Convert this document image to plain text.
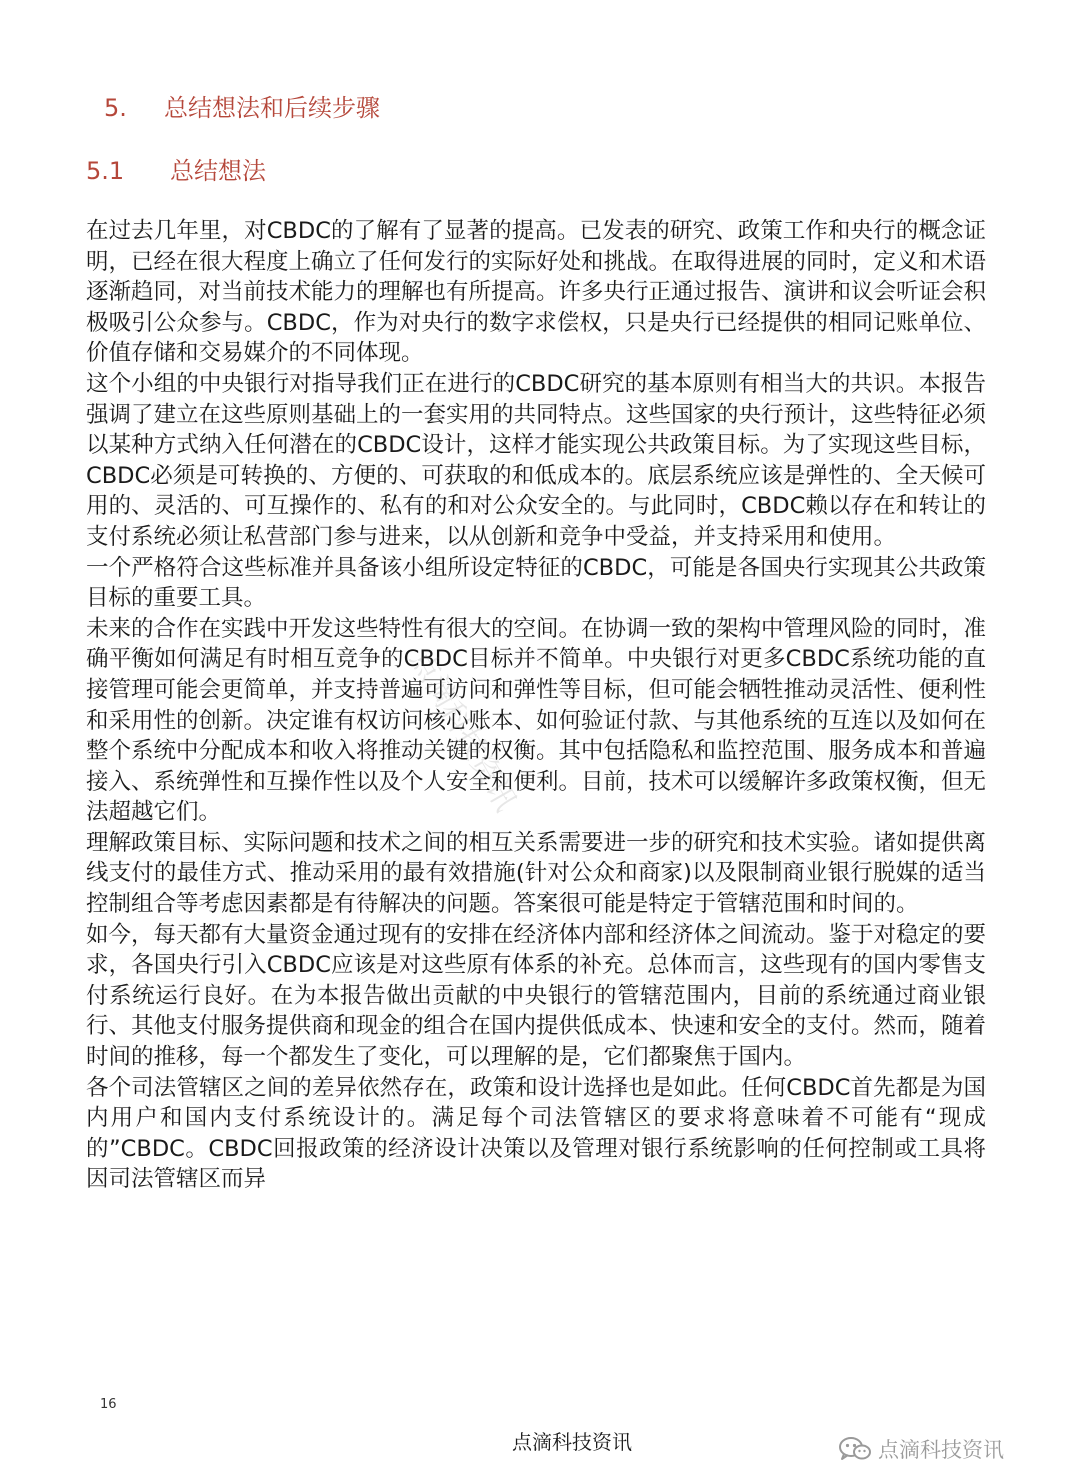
5. 总结想法和后续步骤
5.1 总结想法

在过去几年里，对CBDC的了解有了显著的提高。已发表的研究、政策工作和央行的概念证明，已经在很大程度上确立了任何发行的实际好处和挑战。在取得进展的同时，定义和术语逐渐趋同，对当前技术能力的理解也有所提高。许多央行正通过报告、演讲和议会听证会积极吸引公众参与。CBDC，作为对央行的数字求偿权，只是央行已经提供的相同记账单位、价值存储和交易媒介的不同体现。

这个小组的中央银行对指导我们正在进行的CBDC研究的基本原则有相当大的共识。本报告强调了建立在这些原则基础上的一套实用的共同特点。这些国家的央行预计，这些特征必须以某种方式纳入任何潜在的CBDC设计，这样才能实现公共政策目标。为了实现这些目标，CBDC必须是可转换的、方便的、可获取的和低成本的。底层系统应该是弹性的、全天候可用的、灵活的、可互操作的、私有的和对公众安全的。与此同时，CBDC赖以存在和转让的支付系统必须让私营部门参与进来，以从创新和竞争中受益，并支持采用和使用。

一个严格符合这些标准并具备该小组所设定特征的CBDC，可能是各国央行实现其公共政策目标的重要工具。

未来的合作在实践中开发这些特性有很大的空间。在协调一致的架构中管理风险的同时，准确平衡如何满足有时相互竞争的CBDC目标并不简单。中央银行对更多CBDC系统功能的直接管理可能会更简单，并支持普遍可访问和弹性等目标，但可能会牺牲推动灵活性、便利性和采用性的创新。决定谁有权访问核心账本、如何验证付款、与其他系统的互连以及如何在整个系统中分配成本和收入将推动关键的权衡。其中包括隐私和监控范围、服务成本和普遍接入、系统弹性和互操作性以及个人安全和便利。目前，技术可以缓解许多政策权衡，但无法超越它们。

理解政策目标、实际问题和技术之间的相互关系需要进一步的研究和技术实验。诸如提供离线支付的最佳方式、推动采用的最有效措施(针对公众和商家)以及限制商业银行脱媒的适当控制组合等考虑因素都是有待解决的问题。答案很可能是特定于管辖范围和时间的。

如今，每天都有大量资金通过现有的安排在经济体内部和经济体之间流动。鉴于对稳定的要求，各国央行引入CBDC应该是对这些原有体系的补充。总体而言，这些现有的国内零售支付系统运行良好。在为本报告做出贡献的中央银行的管辖范围内，目前的系统通过商业银行、其他支付服务提供商和现金的组合在国内提供低成本、快速和安全的支付。然而，随着时间的推移，每一个都发生了变化，可以理解的是，它们都聚焦于国内。

各个司法管辖区之间的差异依然存在，政策和设计选择也是如此。任何CBDC首先都是为国内用户和国内支付系统设计的。满足每个司法管辖区的要求将意味着不可能有“现成的”CBDC。CBDC回报政策的经济设计决策以及管理对银行系统影响的任何控制或工具将因司法管辖区而异

点滴科技资讯
16
点滴科技资讯	点滴科技资讯
